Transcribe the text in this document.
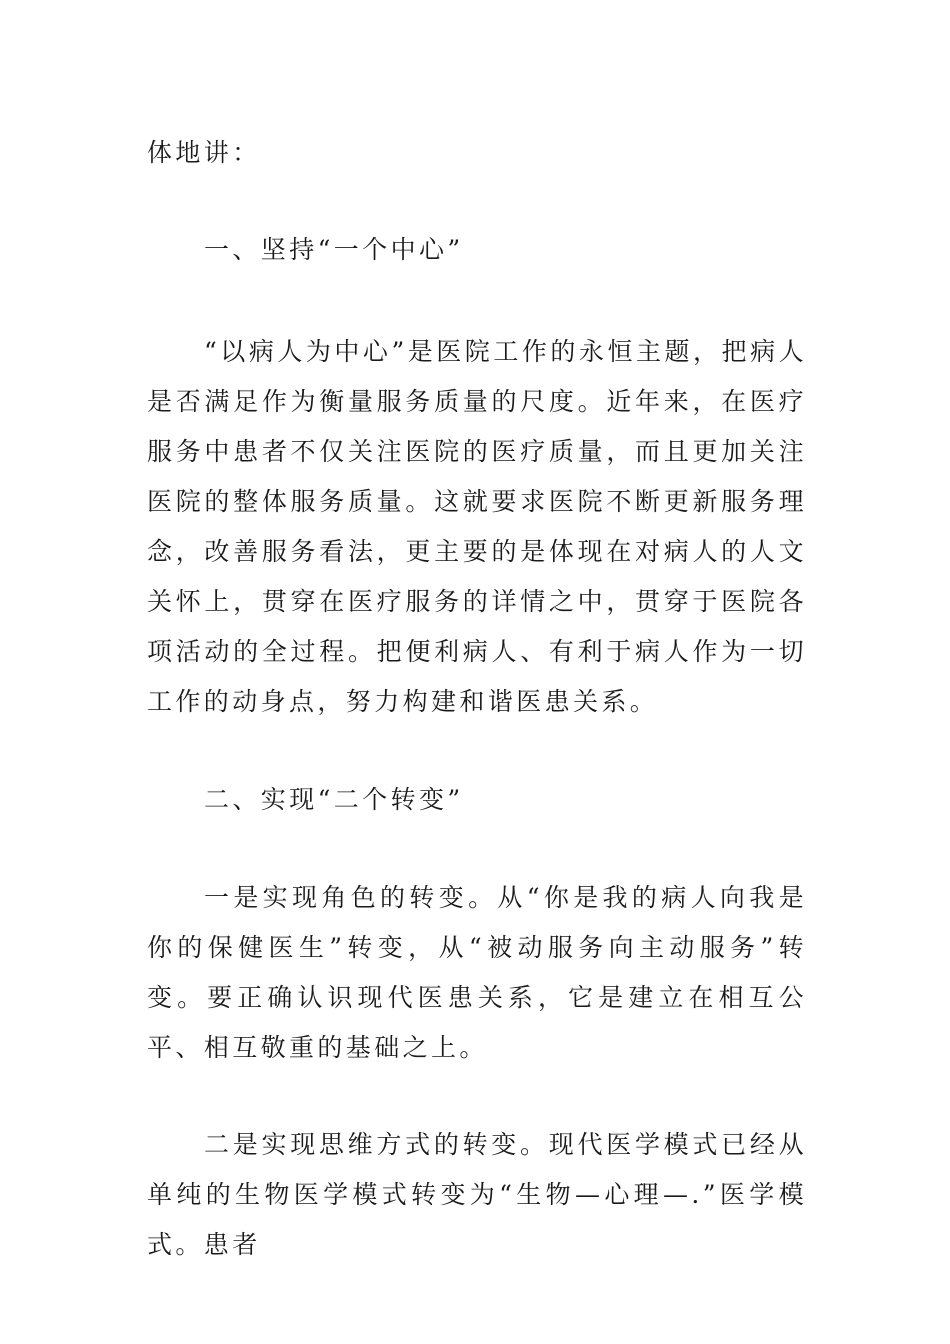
体地讲：

一、坚持“一个中心”

“以病人为中心”是医院工作的永恒主题，把病人是否满足作为衡量服务质量的尺度。近年来，在医疗服务中患者不仅关注医院的医疗质量，而且更加关注医院的整体服务质量。这就要求医院不断更新服务理念，改善服务看法，更主要的是体现在对病人的人文关怀上，贯穿在医疗服务的详情之中，贯穿于医院各项活动的全过程。把便利病人、有利于病人作为一切工作的动身点，努力构建和谐医患关系。

二、实现“二个转变”

一是实现角色的转变。从“你是我的病人向我是你的保健医生”转变，从“被动服务向主动服务”转变。要正确认识现代医患关系，它是建立在相互公平、相互敬重的基础之上。

二是实现思维方式的转变。现代医学模式已经从单纯的生物医学模式转变为“生物—心理—.”医学模式。患者
